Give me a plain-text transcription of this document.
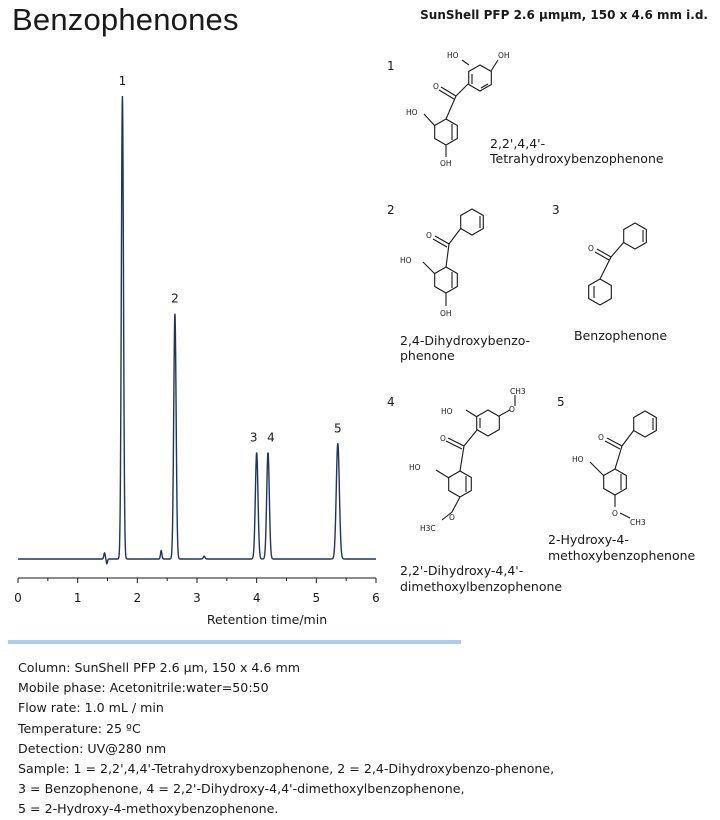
Benzophenones	SunShell PFP 2.6 µmµm, 150 x 4.6 mm i.d.
0	1	2	3	4	5	6
1
2
3 4
5
Retention time/min
1
HO	OH
O
HO
OH
2,2',4,4'-
Tetrahydroxybenzophenone
2
O
HO
OH
2,4-Dihydroxybenzo-
phenone
3
O
Benzophenone
4
CH3
O
HO
O
HO
O
H3C
2,2'-Dihydroxy-4,4'-
dimethoxylbenzophenone
5
O
HO
O
CH3
2-Hydroxy-4-
methoxybenzophenone
Column: SunShell PFP 2.6 µm, 150 x 4.6 mm
Mobile phase: Acetonitrile:water=50:50
Flow rate: 1.0 mL / min
Temperature: 25 ºC
Detection: UV@280 nm
Sample: 1 = 2,2',4,4'-Tetrahydroxybenzophenone, 2 = 2,4-Dihydroxybenzo-phenone,
3 = Benzophenone, 4 = 2,2'-Dihydroxy-4,4'-dimethoxylbenzophenone,
5 = 2-Hydroxy-4-methoxybenzophenone.
